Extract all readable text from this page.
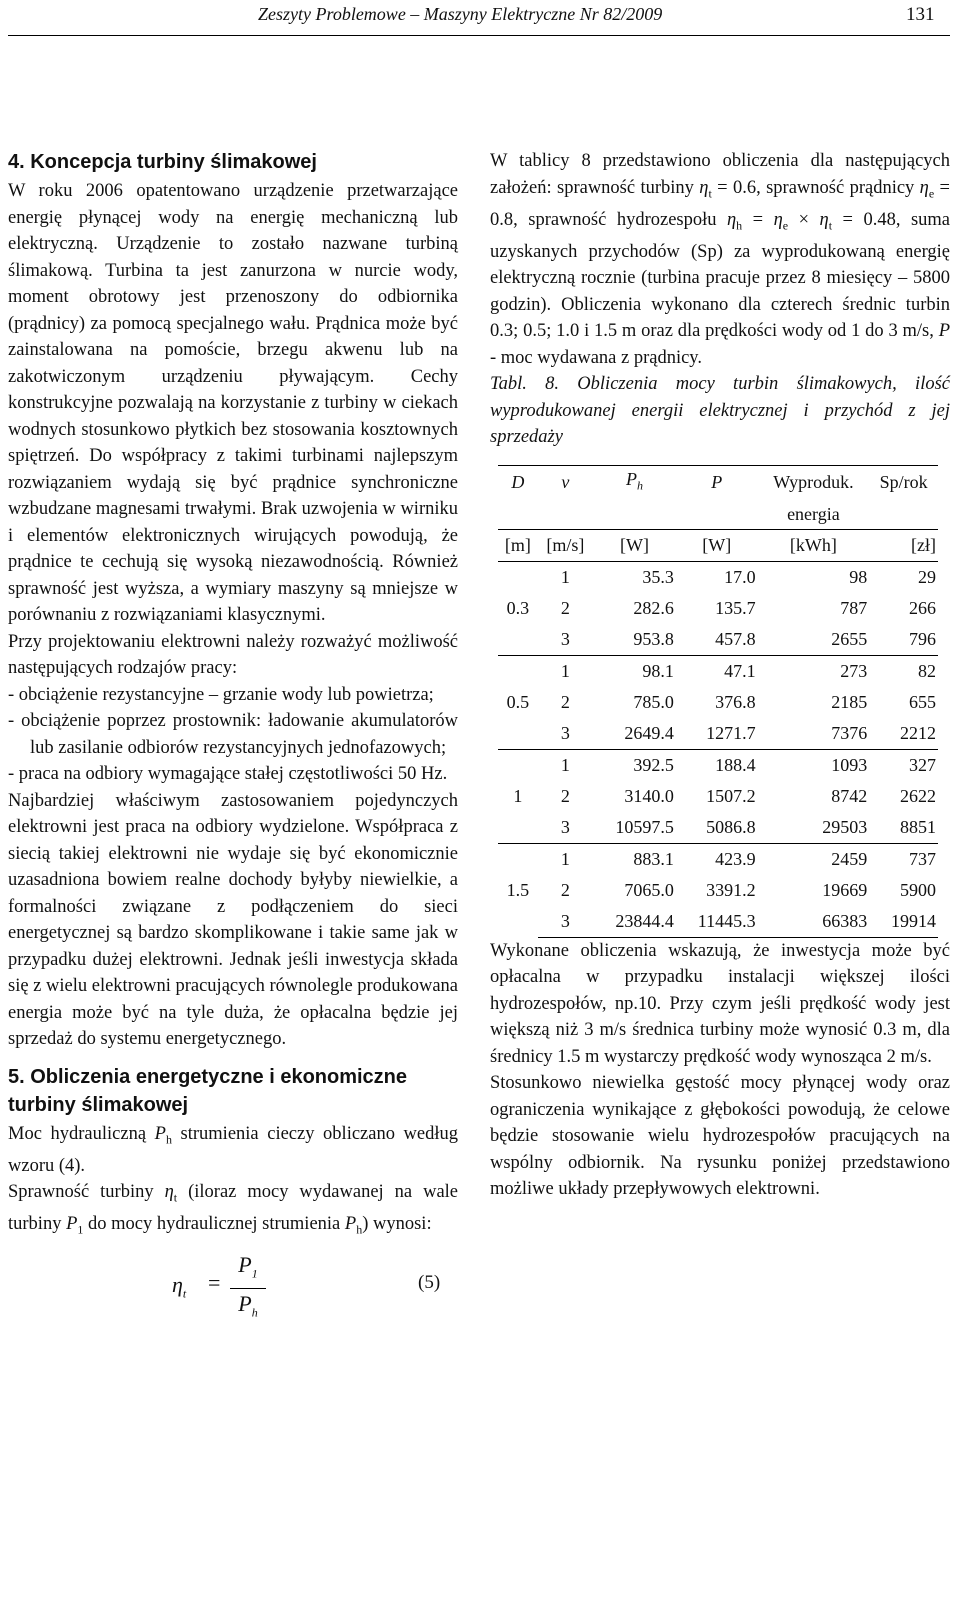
Zeszyty Problemowe – Maszyny Elektryczne Nr 82/2009	131
4. Koncepcja turbiny ślimakowej

W roku 2006 opatentowano urządzenie przetwarzające energię płynącej wody na energię mechaniczną lub elektryczną. Urządzenie to zostało nazwane turbiną ślimakową. Turbina ta jest zanurzona w nurcie wody, moment obrotowy jest przenoszony do odbiornika (prądnicy) za pomocą specjalnego wału. Prądnica może być zainstalowana na pomoście, brzegu akwenu lub na zakotwiczonym urządzeniu pływającym. Cechy konstrukcyjne pozwalają na korzystanie z turbiny w ciekach wodnych stosunkowo płytkich bez stosowania kosztownych spiętrzeń. Do współpracy z takimi turbinami najlepszym rozwiązaniem wydają się być prądnice synchroniczne wzbudzane magnesami trwałymi. Brak uzwojenia w wirniku i elementów elektronicznych wirujących powodują, że prądnice te cechują się wysoką niezawodnością. Również sprawność jest wyższa, a wymiary maszyny są mniejsze w porównaniu z rozwiązaniami klasycznymi.

Przy projektowaniu elektrowni należy rozważyć możliwość następujących rodzajów pracy:

- obciążenie rezystancyjne – grzanie wody lub powietrza;

- obciążenie poprzez prostownik: ładowanie akumulatorów lub zasilanie odbiorów rezystancyjnych jednofazowych;

- praca na odbiory wymagające stałej częstotliwości 50 Hz.

Najbardziej właściwym zastosowaniem pojedynczych elektrowni jest praca na odbiory wydzielone. Współpraca z siecią takiej elektrowni nie wydaje się być ekonomicznie uzasadniona bowiem realne dochody byłyby niewielkie, a formalności związane z podłączeniem do sieci energetycznej są bardzo skomplikowane i takie same jak w przypadku dużej elektrowni. Jednak jeśli inwestycja składa się z wielu elektrowni pracujących równolegle produkowana energia może być na tyle duża, że opłacalna będzie jej sprzedaż do systemu energetycznego.

5. Obliczenia energetyczne i ekonomiczne turbiny ślimakowej

Moc hydrauliczną $P_h$ strumienia cieczy obliczano według wzoru (4).

Sprawność turbiny $\eta_t$ (iloraz mocy wydawanej na wale turbiny $P_1$ do mocy hydraulicznej strumienia $P_h$) wynosi:

$\eta_t = \frac{P_1}{P_h}$	(5)

W tablicy 8 przedstawiono obliczenia dla następujących założeń: sprawność turbiny $\eta_t = 0.6$, sprawność prądnicy $\eta_e = 0.8$, sprawność hydrozespołu $\eta_h = \eta_e \times \eta_t = 0.48$, suma uzyskanych przychodów (Sp) za wyprodukowaną energię elektryczną rocznie (turbina pracuje przez 8 miesięcy – 5800 godzin). Obliczenia wykonano dla czterech średnic turbin 0.3; 0.5; 1.0 i 1.5 m oraz dla prędkości wody od 1 do 3 m/s, P - moc wydawana z prądnicy.

Tabl. 8. Obliczenia mocy turbin ślimakowych, ilość wyprodukowanej energii elektrycznej i przychód z jej sprzedaży

D	v	$P_h$	P	Wyproduk.	Sp/rok
				energia	
[m]	[m/s]	[W]	[W]	[kWh]	[zł]
0.3	1	35.3	17.0	98	29
	2	282.6	135.7	787	266
	3	953.8	457.8	2655	796
0.5	1	98.1	47.1	273	82
	2	785.0	376.8	2185	655
	3	2649.4	1271.7	7376	2212
1	1	392.5	188.4	1093	327
	2	3140.0	1507.2	8742	2622
	3	10597.5	5086.8	29503	8851
1.5	1	883.1	423.9	2459	737
	2	7065.0	3391.2	19669	5900
	3	23844.4	11445.3	66383	19914

Wykonane obliczenia wskazują, że inwestycja może być opłacalna w przypadku instalacji większej ilości hydrozespołów, np.10. Przy czym jeśli prędkość wody jest większą niż 3 m/s średnica turbiny może wynosić 0.3 m, dla średnicy 1.5 m wystarczy prędkość wody wynosząca 2 m/s.

Stosunkowo niewielka gęstość mocy płynącej wody oraz ograniczenia wynikające z głębokości powodują, że celowe będzie stosowanie wielu hydrozespołów pracujących na wspólny odbiornik. Na rysunku poniżej przedstawiono możliwe układy przepływowych elektrowni.
